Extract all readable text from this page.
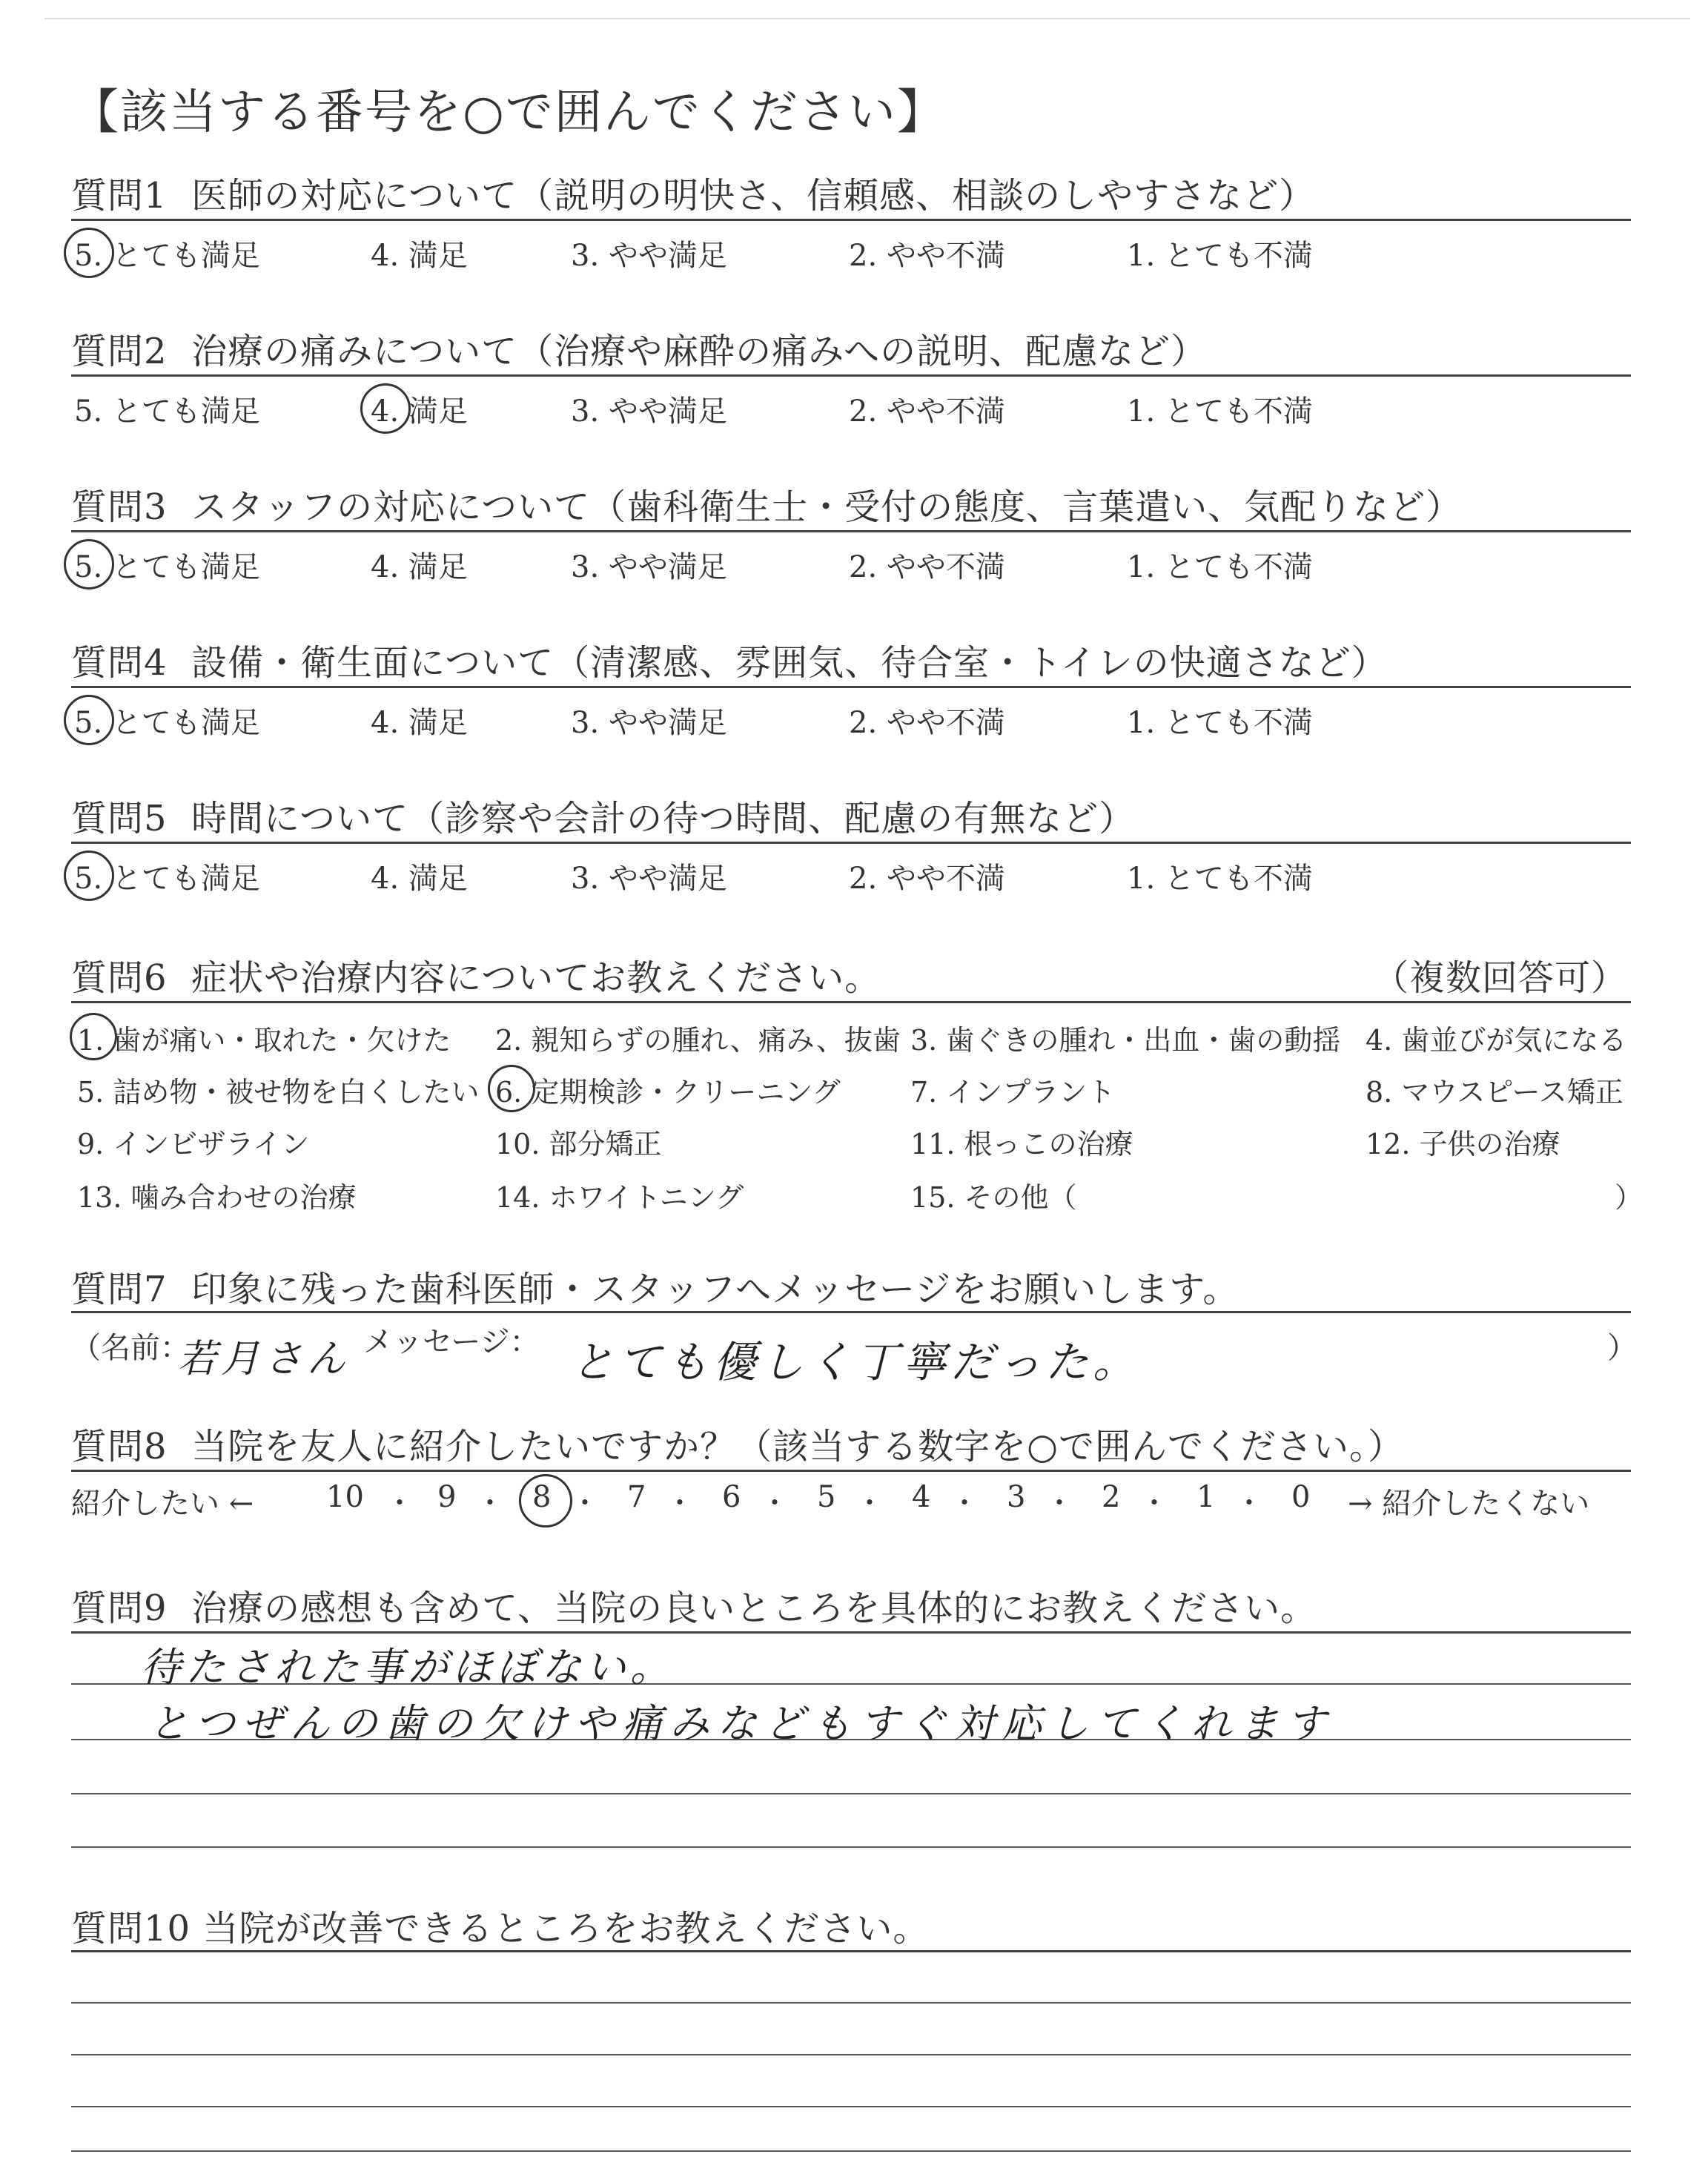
【該当する番号を○で囲んでください】
質問1 医師の対応について（説明の明快さ、信頼感、相談のしやすさなど）
5. とても満足	4. 満足	3. やや満足	2. やや不満	1. とても不満
質問2 治療の痛みについて（治療や麻酔の痛みへの説明、配慮など）
5. とても満足	4. 満足	3. やや満足	2. やや不満	1. とても不満
質問3 スタッフの対応について（歯科衛生士・受付の態度、言葉遣い、気配りなど）
5. とても満足	4. 満足	3. やや満足	2. やや不満	1. とても不満
質問4 設備・衛生面について（清潔感、雰囲気、待合室・トイレの快適さなど）
5. とても満足	4. 満足	3. やや満足	2. やや不満	1. とても不満
質問5 時間について（診察や会計の待つ時間、配慮の有無など）
5. とても満足	4. 満足	3. やや満足	2. やや不満	1. とても不満
質問6 症状や治療内容についてお教えください。	（複数回答可）
1. 歯が痛い・取れた・欠けた 2. 親知らずの腫れ、痛み、抜歯 3. 歯ぐきの腫れ・出血・歯の動揺 4. 歯並びが気になる
5. 詰め物・被せ物を白くしたい 6. 定期検診・クリーニング 7. インプラント	8. マウスピース矯正
9. インビザライン	10. 部分矯正	11. 根っこの治療	12. 子供の治療
13. 噛み合わせの治療	14. ホワイトニング	15. その他（	）
質問7 印象に残った歯科医師・スタッフへメッセージをお願いします。
（名前：
若月さん メッセージ： とても優しく丁寧だった。	）
質問8 当院を友人に紹介したいですか？（該当する数字を○で囲んでください。）
紹介したい ← 10 ・ 9 ・ 8 ・ 7 ・ 6 ・ 5 ・ 4 ・ 3 ・ 2 ・ 1 ・ 0 → 紹介したくない
質問9 治療の感想も含めて、当院の良いところを具体的にお教えください。
待たされた事がほぼない。
とつぜんの歯の欠けや痛みなどもすぐ対応してくれます
質問10 当院が改善できるところをお教えください。
